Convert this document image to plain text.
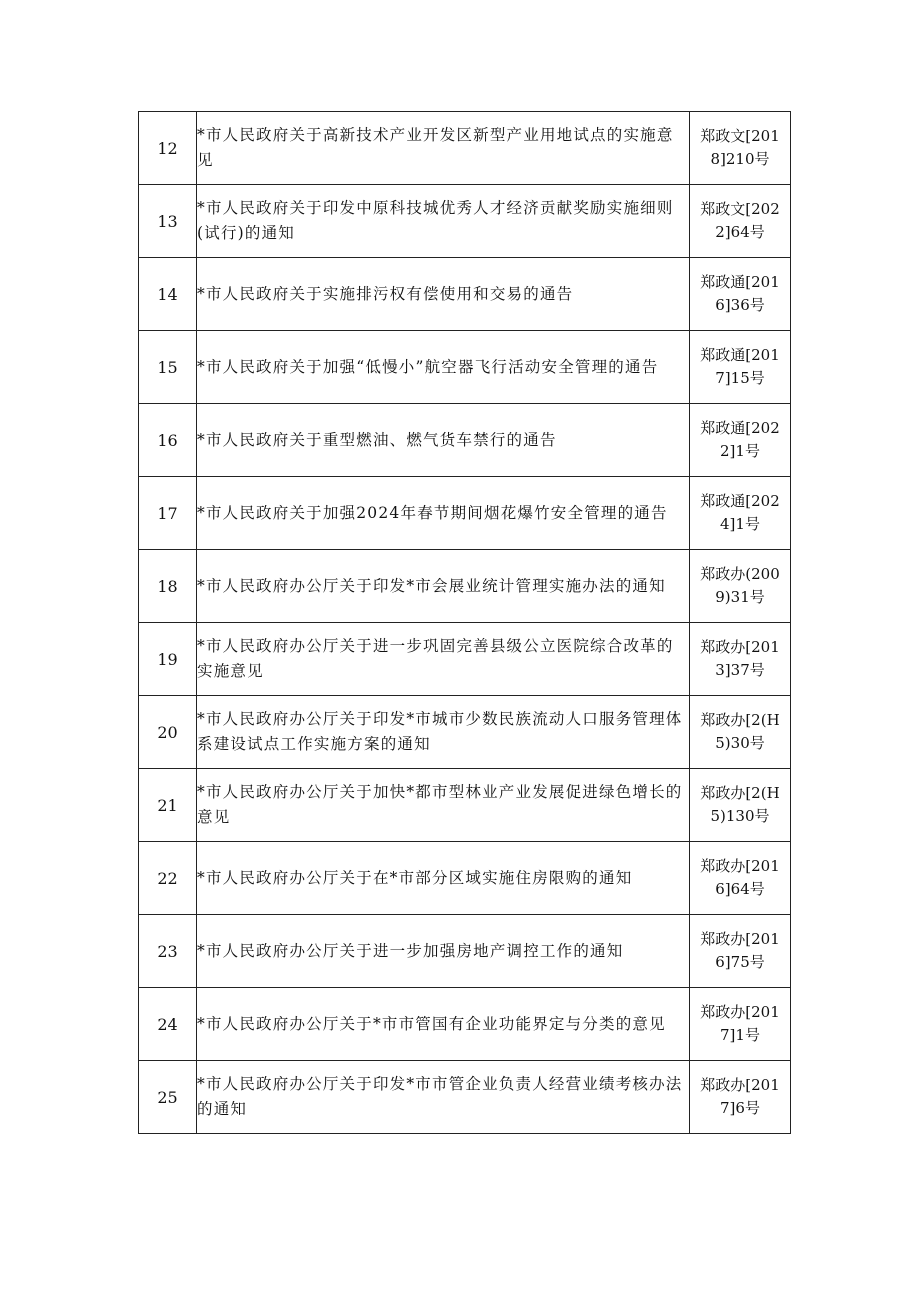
12	*市人民政府关于高新技术产业开发区新型产业用地试点的实施意见	郑政文[2018]210号
13	*市人民政府关于印发中原科技城优秀人才经济贡献奖励实施细则(试行)的通知	郑政文[2022]64号
14	*市人民政府关于实施排污权有偿使用和交易的通告	郑政通[2016]36号
15	*市人民政府关于加强“低慢小”航空器飞行活动安全管理的通告	郑政通[2017]15号
16	*市人民政府关于重型燃油、燃气货车禁行的通告	郑政通[2022]1号
17	*市人民政府关于加强2024年春节期间烟花爆竹安全管理的通告	郑政通[2024]1号
18	*市人民政府办公厅关于印发*市会展业统计管理实施办法的通知	郑政办(2009)31号
19	*市人民政府办公厅关于进一步巩固完善县级公立医院综合改革的实施意见	郑政办[2013]37号
20	*市人民政府办公厅关于印发*市城市少数民族流动人口服务管理体系建设试点工作实施方案的通知	郑政办[2(H5)30号
21	*市人民政府办公厅关于加快*都市型林业产业发展促进绿色增长的意见	郑政办[2(H5)130号
22	*市人民政府办公厅关于在*市部分区域实施住房限购的通知	郑政办[2016]64号
23	*市人民政府办公厅关于进一步加强房地产调控工作的通知	郑政办[2016]75号
24	*市人民政府办公厅关于*市市管国有企业功能界定与分类的意见	郑政办[2017]1号
25	*市人民政府办公厅关于印发*市市管企业负责人经营业绩考核办法的通知	郑政办[2017]6号
